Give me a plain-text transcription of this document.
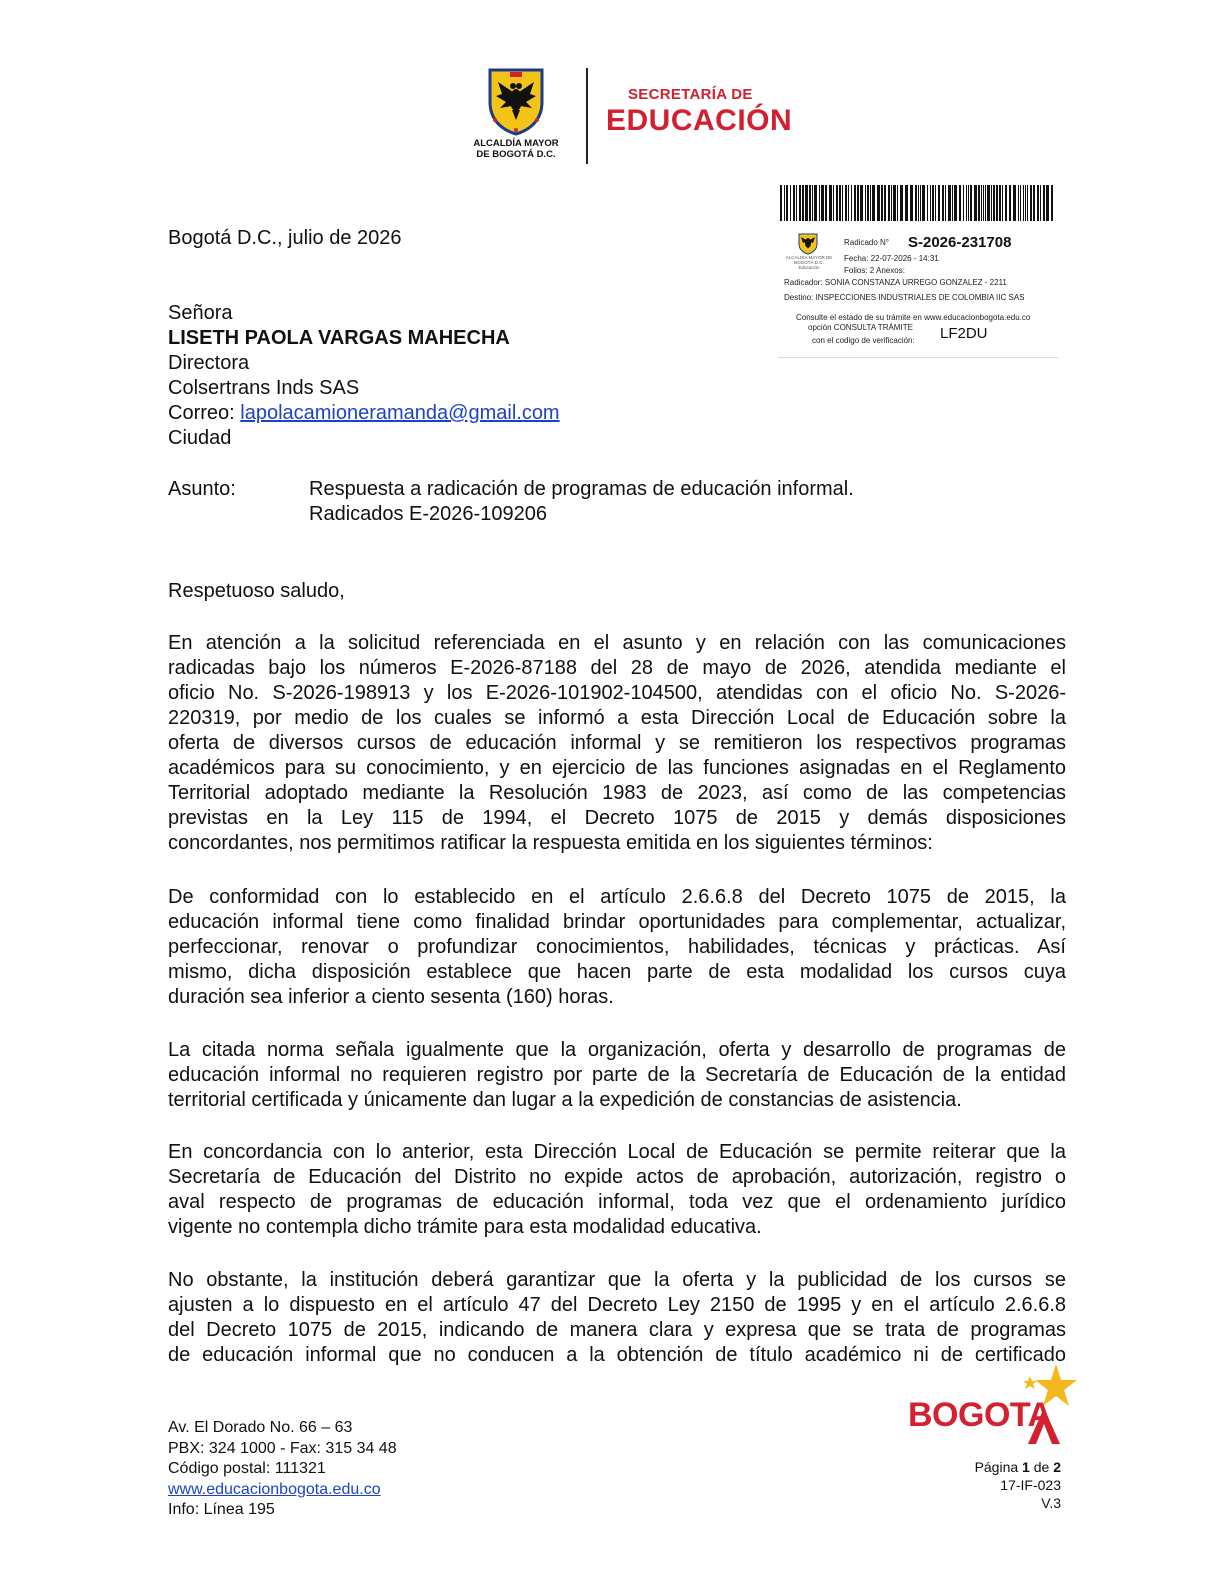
ALCALDÍA MAYOR
DE BOGOTÁ D.C.
SECRETARÍA DE
EDUCACIÓN
ALCALDÍA MAYOR DE BOGOTÁ D.C. Educación
Radicado N° S-2026-231708
Fecha: 22-07-2026 - 14:31
Folios: 2 Anexos:
Radicador: SONIA CONSTANZA URREGO GONZALEZ - 2211
Destino: INSPECCIONES INDUSTRIALES DE COLOMBIA IIC SAS
Consulte el estado de su trámite en www.educacionbogota.edu.co
opción CONSULTA TRÁMITE
con el codigo de verificación: LF2DU
Bogotá D.C., julio de 2026
Señora
LISETH PAOLA VARGAS MAHECHA
Directora
Colsertrans Inds SAS
Correo: lapolacamioneramanda@gmail.com
Ciudad
Asunto:	Respuesta a radicación de programas de educación informal.
Radicados E-2026-109206
Respetuoso saludo,
En atención a la solicitud referenciada en el asunto y en relación con las comunicaciones
radicadas bajo los números E-2026-87188 del 28 de mayo de 2026, atendida mediante el
oficio No. S-2026-198913 y los E-2026-101902-104500, atendidas con el oficio No. S-2026-
220319, por medio de los cuales se informó a esta Dirección Local de Educación sobre la
oferta de diversos cursos de educación informal y se remitieron los respectivos programas
académicos para su conocimiento, y en ejercicio de las funciones asignadas en el Reglamento
Territorial adoptado mediante la Resolución 1983 de 2023, así como de las competencias
previstas en la Ley 115 de 1994, el Decreto 1075 de 2015 y demás disposiciones
concordantes, nos permitimos ratificar la respuesta emitida en los siguientes términos:
De conformidad con lo establecido en el artículo 2.6.6.8 del Decreto 1075 de 2015, la
educación informal tiene como finalidad brindar oportunidades para complementar, actualizar,
perfeccionar, renovar o profundizar conocimientos, habilidades, técnicas y prácticas. Así
mismo, dicha disposición establece que hacen parte de esta modalidad los cursos cuya
duración sea inferior a ciento sesenta (160) horas.
La citada norma señala igualmente que la organización, oferta y desarrollo de programas de
educación informal no requieren registro por parte de la Secretaría de Educación de la entidad
territorial certificada y únicamente dan lugar a la expedición de constancias de asistencia.
En concordancia con lo anterior, esta Dirección Local de Educación se permite reiterar que la
Secretaría de Educación del Distrito no expide actos de aprobación, autorización, registro o
aval respecto de programas de educación informal, toda vez que el ordenamiento jurídico
vigente no contempla dicho trámite para esta modalidad educativa.
No obstante, la institución deberá garantizar que la oferta y la publicidad de los cursos se
ajusten a lo dispuesto en el artículo 47 del Decreto Ley 2150 de 1995 y en el artículo 2.6.6.8
del Decreto 1075 de 2015, indicando de manera clara y expresa que se trata de programas
de educación informal que no conducen a la obtención de título académico ni de certificado
Av. El Dorado No. 66 – 63
PBX: 324 1000 - Fax: 315 34 48
Código postal: 111321
www.educacionbogota.edu.co
Info: Línea 195
BOGOTA
Página 1 de 2
17-IF-023
V.3
